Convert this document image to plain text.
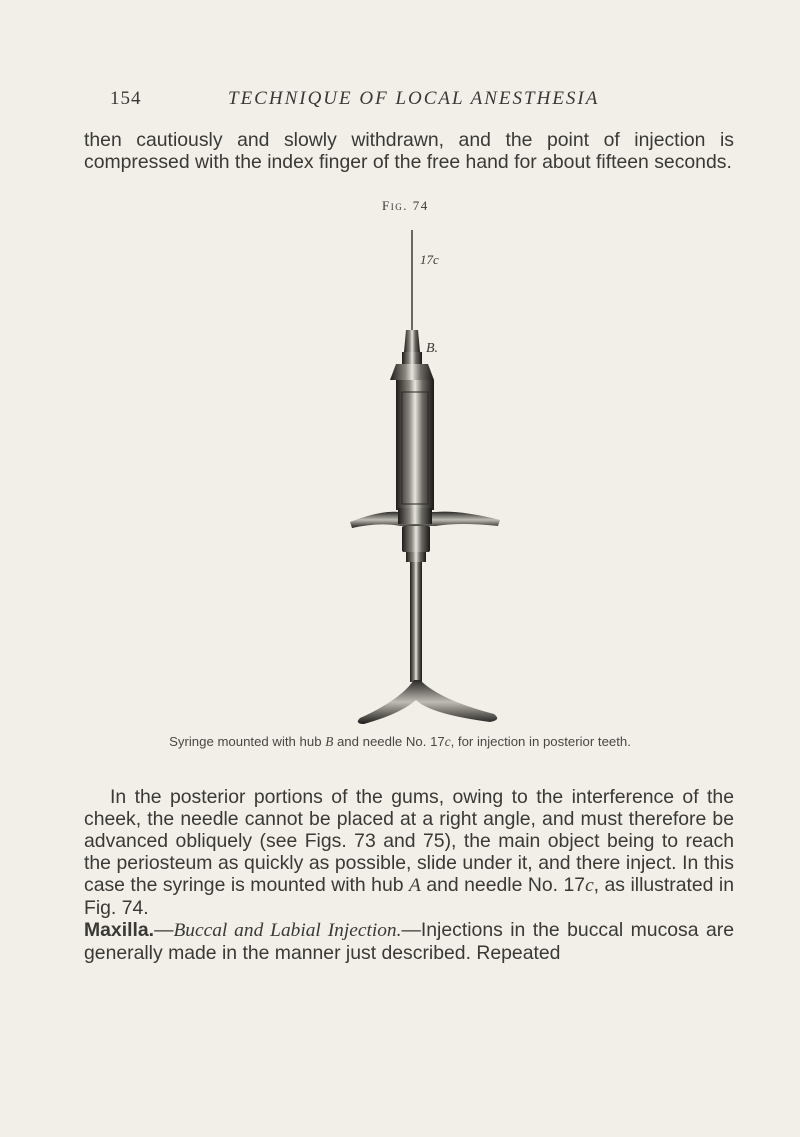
154	TECHNIQUE OF LOCAL ANESTHESIA

then cautiously and slowly withdrawn, and the point of injection is compressed with the index finger of the free hand for about fifteen seconds.

Fig. 74
17c
B.
Syringe mounted with hub B and needle No. 17c, for injection in posterior teeth.

In the posterior portions of the gums, owing to the interference of the cheek, the needle cannot be placed at a right angle, and must therefore be advanced obliquely (see Figs. 73 and 75), the main object being to reach the periosteum as quickly as possible, slide under it, and there inject. In this case the syringe is mounted with hub A and needle No. 17c, as illustrated in Fig. 74.
Maxilla.—Buccal and Labial Injection.—Injections in the buccal mucosa are generally made in the manner just described. Repeated
